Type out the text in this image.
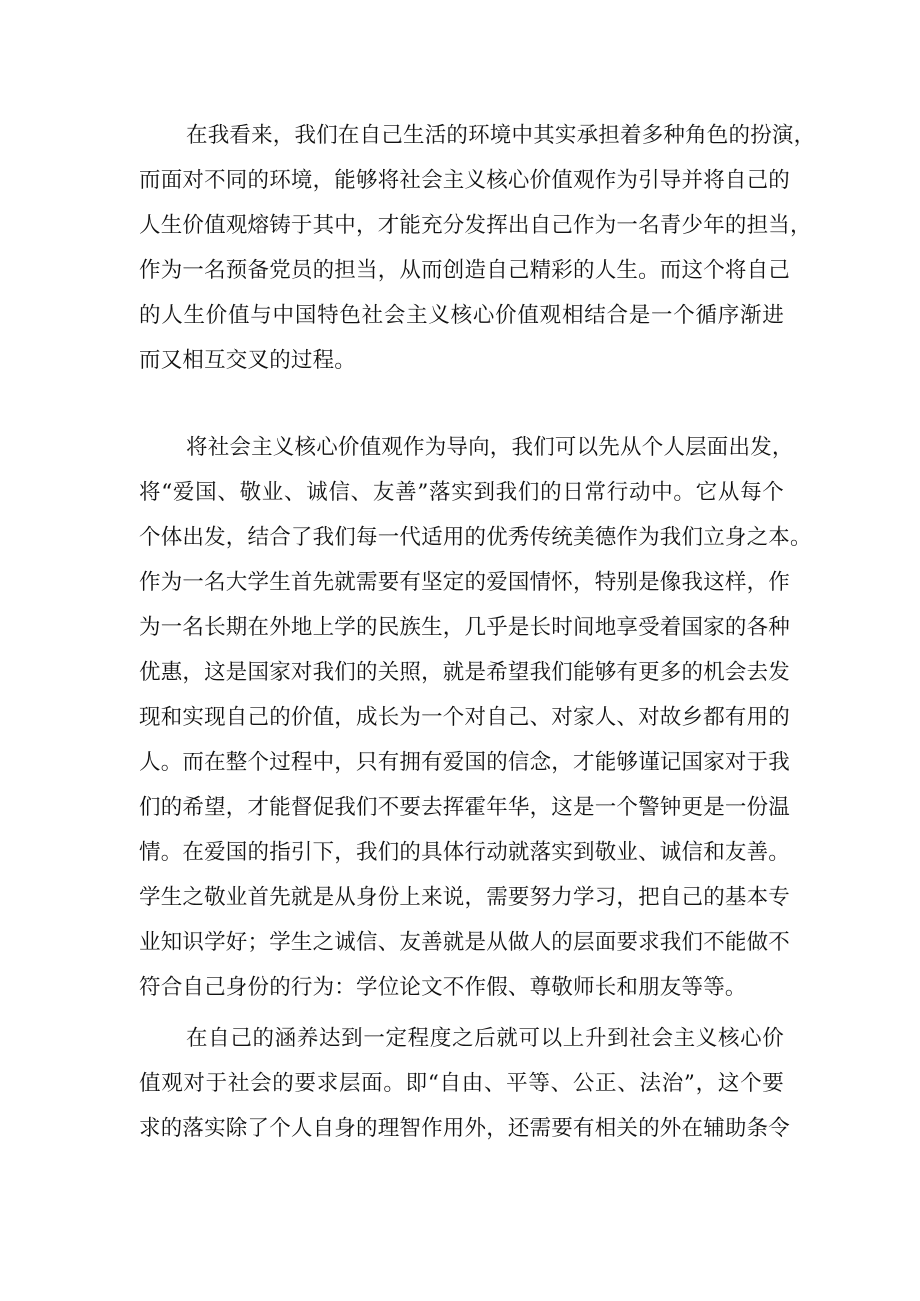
在我看来，我们在自己生活的环境中其实承担着多种角色的扮演，
而面对不同的环境，能够将社会主义核心价值观作为引导并将自己的
人生价值观熔铸于其中，才能充分发挥出自己作为一名青少年的担当，
作为一名预备党员的担当，从而创造自己精彩的人生。而这个将自己
的人生价值与中国特色社会主义核心价值观相结合是一个循序渐进
而又相互交叉的过程。
将社会主义核心价值观作为导向，我们可以先从个人层面出发，
将“爱国、敬业、诚信、友善”落实到我们的日常行动中。它从每个
个体出发，结合了我们每一代适用的优秀传统美德作为我们立身之本。
作为一名大学生首先就需要有坚定的爱国情怀，特别是像我这样，作
为一名长期在外地上学的民族生，几乎是长时间地享受着国家的各种
优惠，这是国家对我们的关照，就是希望我们能够有更多的机会去发
现和实现自己的价值，成长为一个对自己、对家人、对故乡都有用的
人。而在整个过程中，只有拥有爱国的信念，才能够谨记国家对于我
们的希望，才能督促我们不要去挥霍年华，这是一个警钟更是一份温
情。在爱国的指引下，我们的具体行动就落实到敬业、诚信和友善。
学生之敬业首先就是从身份上来说，需要努力学习，把自己的基本专
业知识学好；学生之诚信、友善就是从做人的层面要求我们不能做不
符合自己身份的行为：学位论文不作假、尊敬师长和朋友等等。
在自己的涵养达到一定程度之后就可以上升到社会主义核心价
值观对于社会的要求层面。即“自由、平等、公正、法治”，这个要
求的落实除了个人自身的理智作用外，还需要有相关的外在辅助条令
